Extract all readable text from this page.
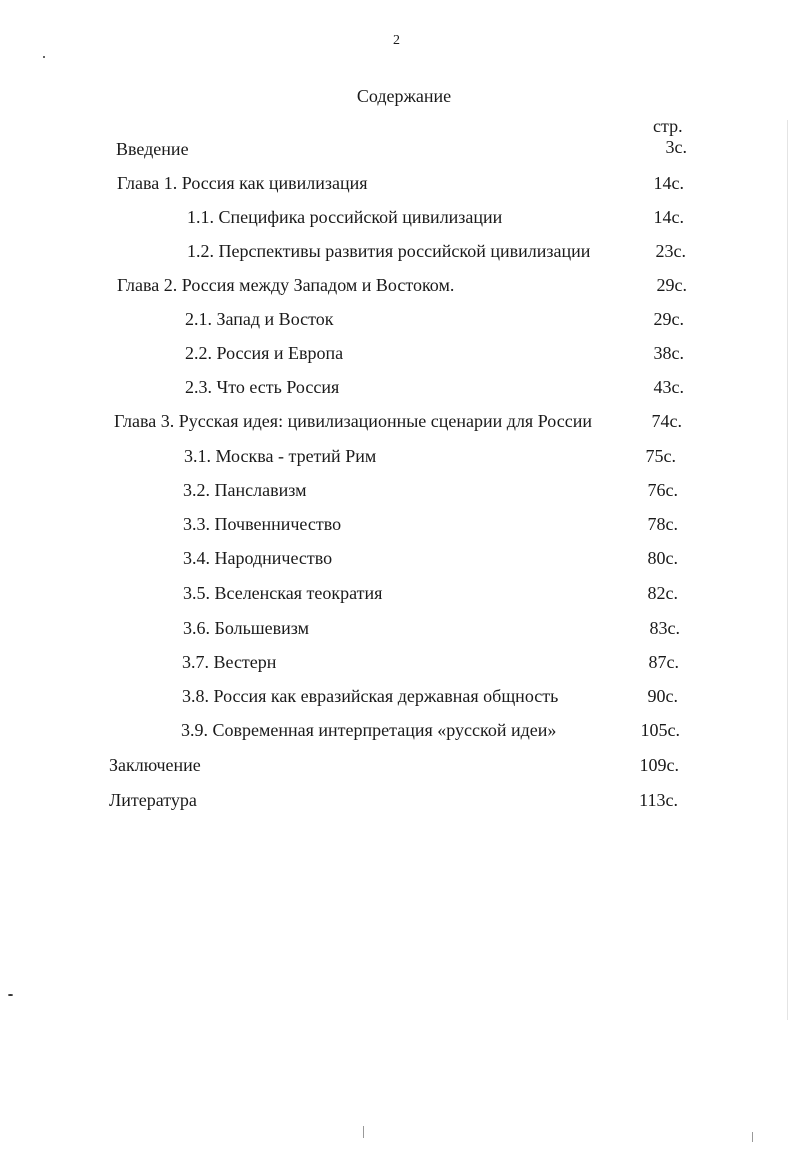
2
Содержание
стр.
Введение	3с.
Глава 1. Россия как цивилизация	14с.
1.1. Специфика российской цивилизации	14с.
1.2. Перспективы развития российской цивилизации	23с.
Глава 2. Россия между Западом и Востоком.	29с.
2.1. Запад и Восток	29с.
2.2. Россия и Европа	38с.
2.3. Что есть Россия	43с.
Глава 3. Русская идея: цивилизационные сценарии для России	74с.
3.1. Москва - третий Рим	75с.
3.2. Панславизм	76с.
3.3. Почвенничество	78с.
3.4. Народничество	80с.
3.5. Вселенская теократия	82с.
3.6. Большевизм	83с.
3.7. Вестерн	87с.
3.8. Россия как евразийская державная общность	90с.
3.9. Современная интерпретация «русской идеи»	105с.
Заключение	109с.
Литература	113с.
